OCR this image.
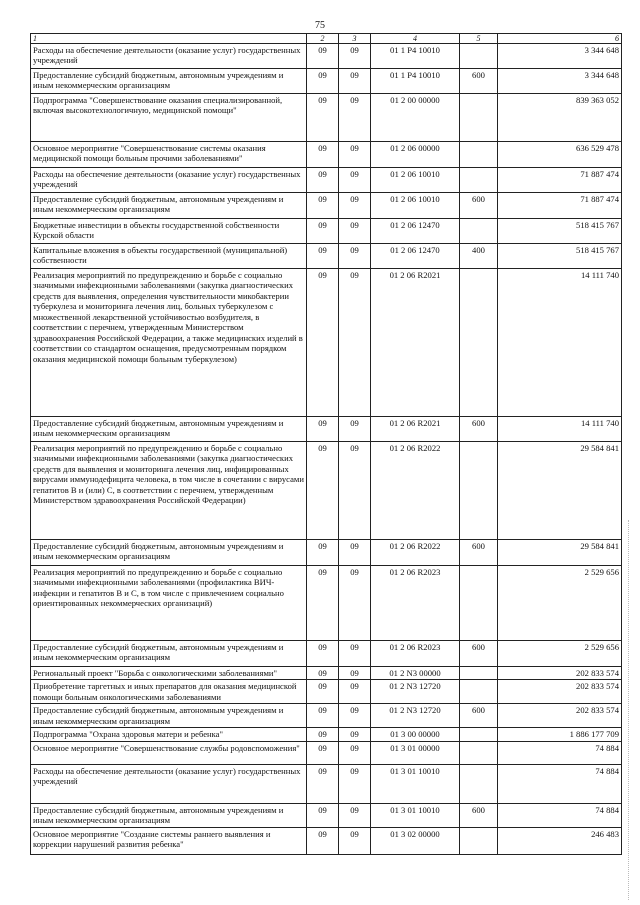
75
1	2	3	4	5	6
Расходы на обеспечение деятельности (оказание услуг) государственных учреждений	09	09	01 1 Р4 10010		3 344 648
Предоставление субсидий бюджетным, автономным учреждениям и иным некоммерческим организациям	09	09	01 1 Р4 10010	600	3 344 648
Подпрограмма "Совершенствование оказания специализированной, включая высокотехнологичную, медицинской помощи"	09	09	01 2 00 00000		839 363 052
Основное мероприятие "Совершенствование системы оказания медицинской помощи больным прочими заболеваниями"	09	09	01 2 06 00000		636 529 478
Расходы на обеспечение деятельности (оказание услуг) государственных учреждений	09	09	01 2 06 10010		71 887 474
Предоставление субсидий бюджетным, автономным учреждениям и иным некоммерческим организациям	09	09	01 2 06 10010	600	71 887 474
Бюджетные инвестиции в объекты государственной собственности Курской области	09	09	01 2 06 12470		518 415 767
Капитальные вложения в объекты государственной (муниципальной) собственности	09	09	01 2 06 12470	400	518 415 767
Реализация мероприятий по предупреждению и борьбе с социально значимыми инфекционными заболеваниями (закупка диагностических средств для выявления, определения чувствительности микобактерии туберкулеза и мониторинга лечения лиц, больных туберкулезом с множественной лекарственной устойчивостью возбудителя, в соответствии с перечнем, утвержденным Министерством здравоохранения Российской Федерации, а также медицинских изделий в соответствии со стандартом оснащения, предусмотренным порядком оказания медицинской помощи больным туберкулезом)	09	09	01 2 06 R2021		14 111 740
Предоставление субсидий бюджетным, автономным учреждениям и иным некоммерческим организациям	09	09	01 2 06 R2021	600	14 111 740
Реализация мероприятий по предупреждению и борьбе с социально значимыми инфекционными заболеваниями (закупка диагностических средств для выявления и мониторинга лечения лиц, инфицированных вирусами иммунодефицита человека, в том числе в сочетании с вирусами гепатитов В и (или) С, в соответствии с перечнем, утвержденным Министерством здравоохранения Российской Федерации)	09	09	01 2 06 R2022		29 584 841
Предоставление субсидий бюджетным, автономным учреждениям и иным некоммерческим организациям	09	09	01 2 06 R2022	600	29 584 841
Реализация мероприятий по предупреждению и борьбе с социально значимыми инфекционными заболеваниями (профилактика ВИЧ-инфекции и гепатитов В и С, в том числе с привлечением социально ориентированных некоммерческих организаций)	09	09	01 2 06 R2023		2 529 656
Предоставление субсидий бюджетным, автономным учреждениям и иным некоммерческим организациям	09	09	01 2 06 R2023	600	2 529 656
Региональный проект "Борьба с онкологическими заболеваниями"	09	09	01 2 N3 00000		202 833 574
Приобретение таргетных и иных препаратов для оказания медицинской помощи больным онкологическими заболеваниями	09	09	01 2 N3 12720		202 833 574
Предоставление субсидий бюджетным, автономным учреждениям и иным некоммерческим организациям	09	09	01 2 N3 12720	600	202 833 574
Подпрограмма "Охрана здоровья матери и ребенка"	09	09	01 3 00 00000		1 886 177 709
Основное мероприятие "Совершенствование службы родовспоможения"	09	09	01 3 01 00000		74 884
Расходы на обеспечение деятельности (оказание услуг) государственных учреждений	09	09	01 3 01 10010		74 884
Предоставление субсидий бюджетным, автономным учреждениям и иным некоммерческим организациям	09	09	01 3 01 10010	600	74 884
Основное мероприятие "Создание системы раннего выявления и коррекции нарушений развития ребенка"	09	09	01 3 02 00000		246 483
